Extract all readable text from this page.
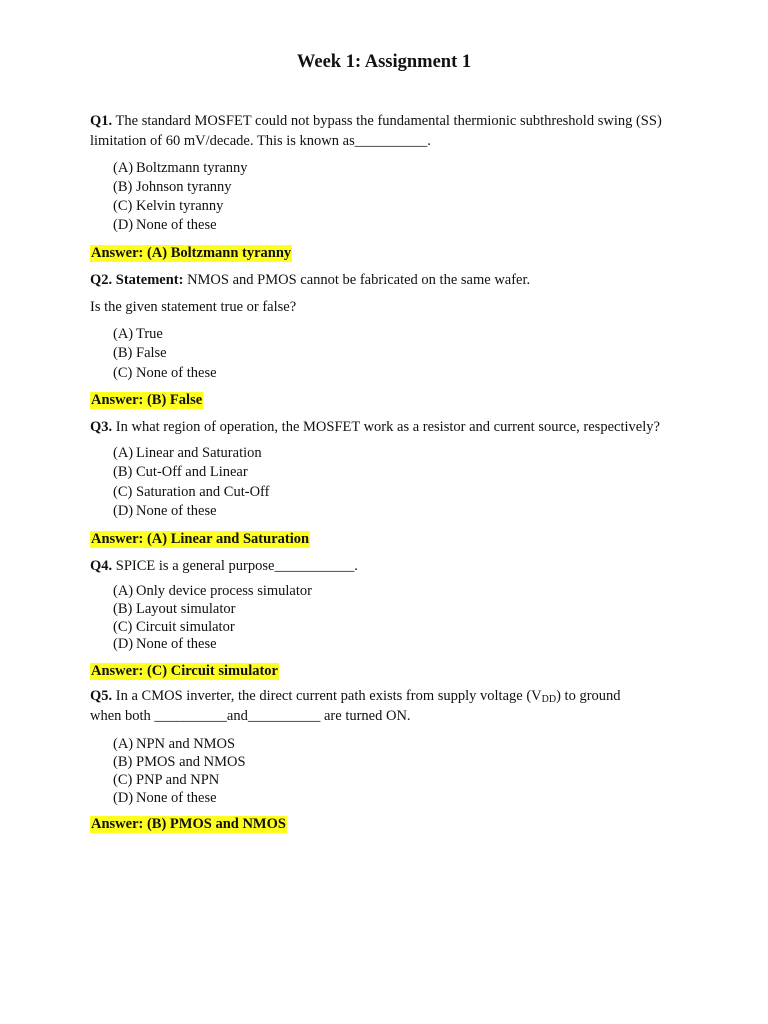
Week 1: Assignment 1
Q1. The standard MOSFET could not bypass the fundamental thermionic subthreshold swing (SS)
limitation of 60 mV/decade. This is known as__________.
(A) Boltzmann tyranny
(B) Johnson tyranny
(C) Kelvin tyranny
(D) None of these
Answer: (A) Boltzmann tyranny
Q2. Statement: NMOS and PMOS cannot be fabricated on the same wafer.
Is the given statement true or false?
(A) True
(B) False
(C) None of these
Answer: (B) False
Q3. In what region of operation, the MOSFET work as a resistor and current source, respectively?
(A) Linear and Saturation
(B) Cut-Off and Linear
(C) Saturation and Cut-Off
(D) None of these
Answer: (A) Linear and Saturation
Q4. SPICE is a general purpose___________.
(A) Only device process simulator
(B) Layout simulator
(C) Circuit simulator
(D) None of these
Answer: (C) Circuit simulator
Q5. In a CMOS inverter, the direct current path exists from supply voltage $(V_{DD})$ to ground
when both __________and__________ are turned ON.
(A) NPN and NMOS
(B) PMOS and NMOS
(C) PNP and NPN
(D) None of these
Answer: (B) PMOS and NMOS
